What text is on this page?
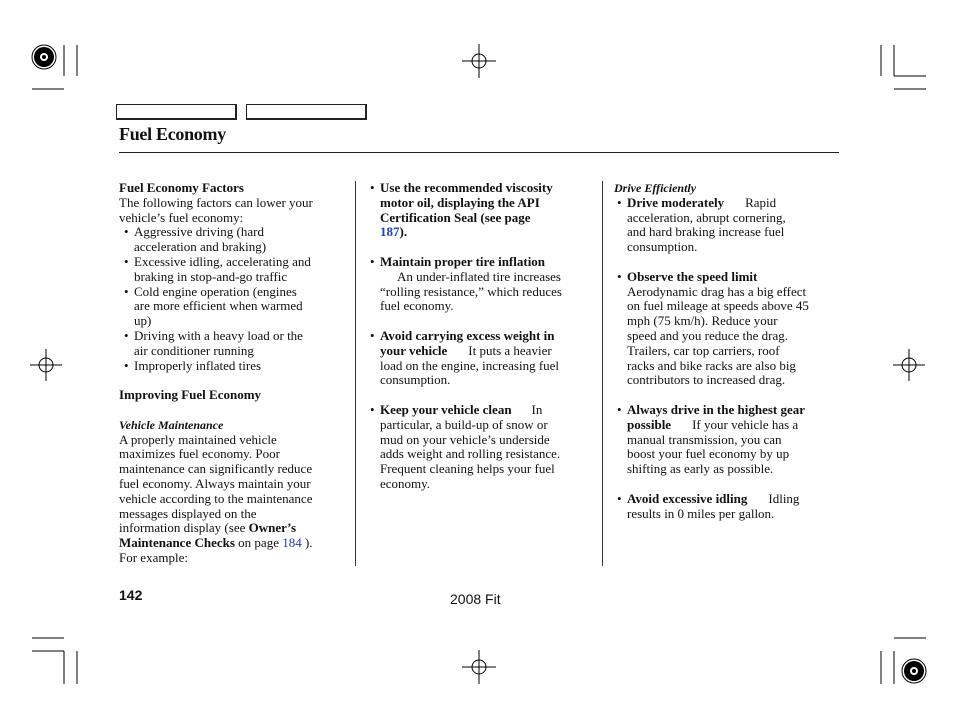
Fuel Economy

Fuel Economy Factors

The following factors can lower your

vehicle’s fuel economy:

• Aggressive driving (hard

acceleration and braking)

• Excessive idling, accelerating and

braking in stop-and-go traffic

• Cold engine operation (engines

are more efficient when warmed

up)

• Driving with a heavy load or the

air conditioner running

• Improperly inflated tires

Improving Fuel Economy

Vehicle Maintenance

A properly maintained vehicle

maximizes fuel economy. Poor

maintenance can significantly reduce

fuel economy. Always maintain your

vehicle according to the maintenance

messages displayed on the

information display (see Owner’s

Maintenance Checks on page 184 ).

For example:

• Use the recommended viscosity

motor oil, displaying the API

Certification Seal (see page

187).

• Maintain proper tire inflation

An under-inflated tire increases

“rolling resistance,” which reduces

fuel economy.

• Avoid carrying excess weight in

your vehicle It puts a heavier

load on the engine, increasing fuel

consumption.

• Keep your vehicle clean In

particular, a build-up of snow or

mud on your vehicle’s underside

adds weight and rolling resistance.

Frequent cleaning helps your fuel

economy.

Drive Efficiently

• Drive moderately Rapid

acceleration, abrupt cornering,

and hard braking increase fuel

consumption.

• Observe the speed limit

Aerodynamic drag has a big effect

on fuel mileage at speeds above 45

mph (75 km/h). Reduce your

speed and you reduce the drag.

Trailers, car top carriers, roof

racks and bike racks are also big

contributors to increased drag.

• Always drive in the highest gear

possible If your vehicle has a

manual transmission, you can

boost your fuel economy by up

shifting as early as possible.

• Avoid excessive idling Idling

results in 0 miles per gallon.

142	2008 Fit
